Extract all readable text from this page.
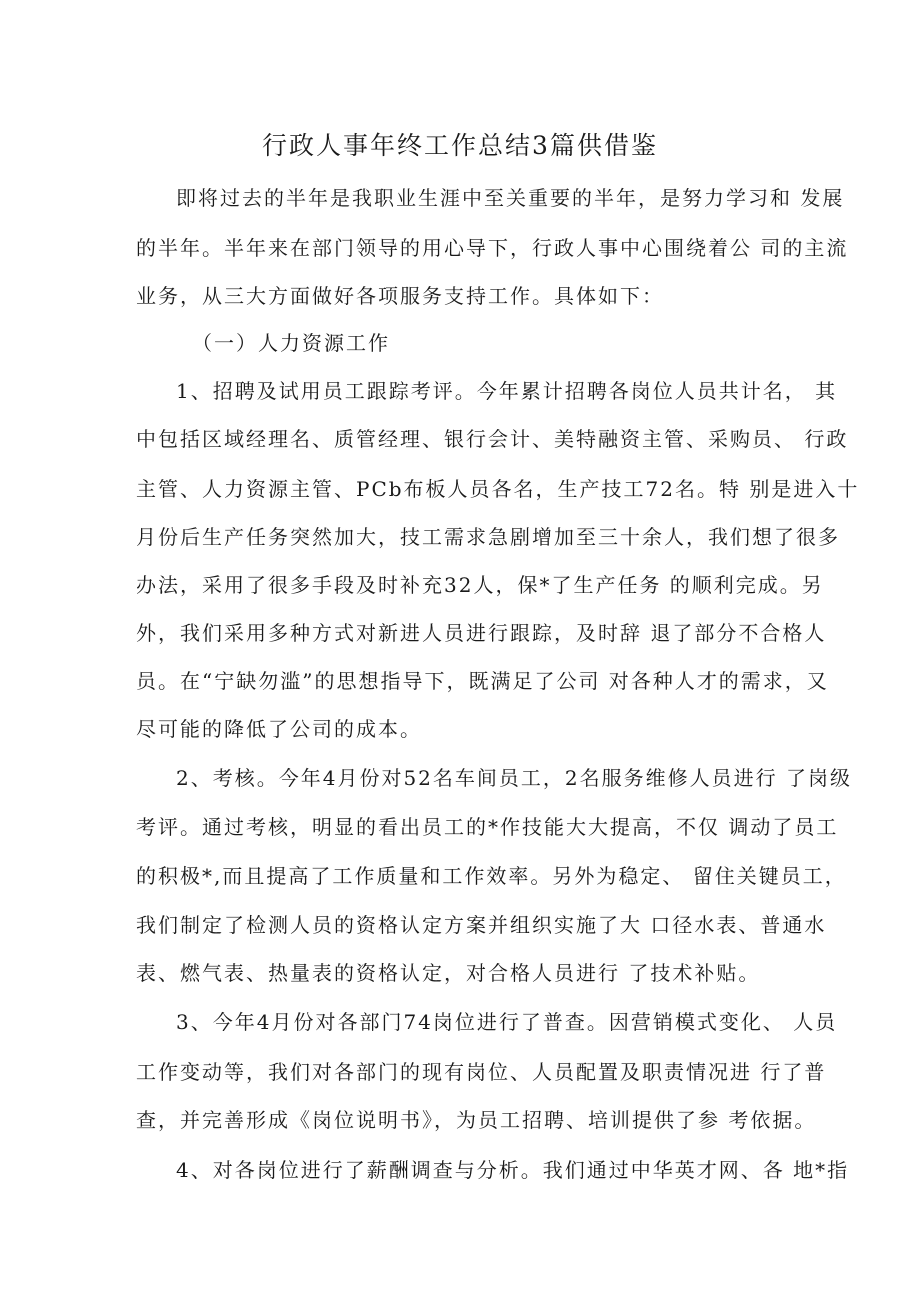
行政人事年终工作总结3篇供借鉴
即将过去的半年是我职业生涯中至关重要的半年，是努力学习和 发展
的半年。半年来在部门领导的用心导下，行政人事中心围绕着公 司的主流
业务，从三大方面做好各项服务支持工作。具体如下：
（一）人力资源工作
1、招聘及试用员工跟踪考评。今年累计招聘各岗位人员共计名， 其
中包括区域经理名、质管经理、银行会计、美特融资主管、采购员、 行政
主管、人力资源主管、PCb布板人员各名，生产技工72名。特 别是进入十
月份后生产任务突然加大，技工需求急剧增加至三十余人，我们想了很多
办法，采用了很多手段及时补充32人，保*了生产任务 的顺利完成。另
外，我们采用多种方式对新进人员进行跟踪，及时辞 退了部分不合格人
员。在“宁缺勿滥”的思想指导下，既满足了公司 对各种人才的需求，又
尽可能的降低了公司的成本。
2、考核。今年4月份对52名车间员工，2名服务维修人员进行 了岗级
考评。通过考核，明显的看出员工的*作技能大大提高，不仅 调动了员工
的积极*,而且提高了工作质量和工作效率。另外为稳定、 留住关键员工，
我们制定了检测人员的资格认定方案并组织实施了大 口径水表、普通水
表、燃气表、热量表的资格认定，对合格人员进行 了技术补贴。
3、今年4月份对各部门74岗位进行了普查。因营销模式变化、 人员
工作变动等，我们对各部门的现有岗位、人员配置及职责情况进 行了普
查，并完善形成《岗位说明书》，为员工招聘、培训提供了参 考依据。
4、对各岗位进行了薪酬调查与分析。我们通过中华英才网、各 地*指
